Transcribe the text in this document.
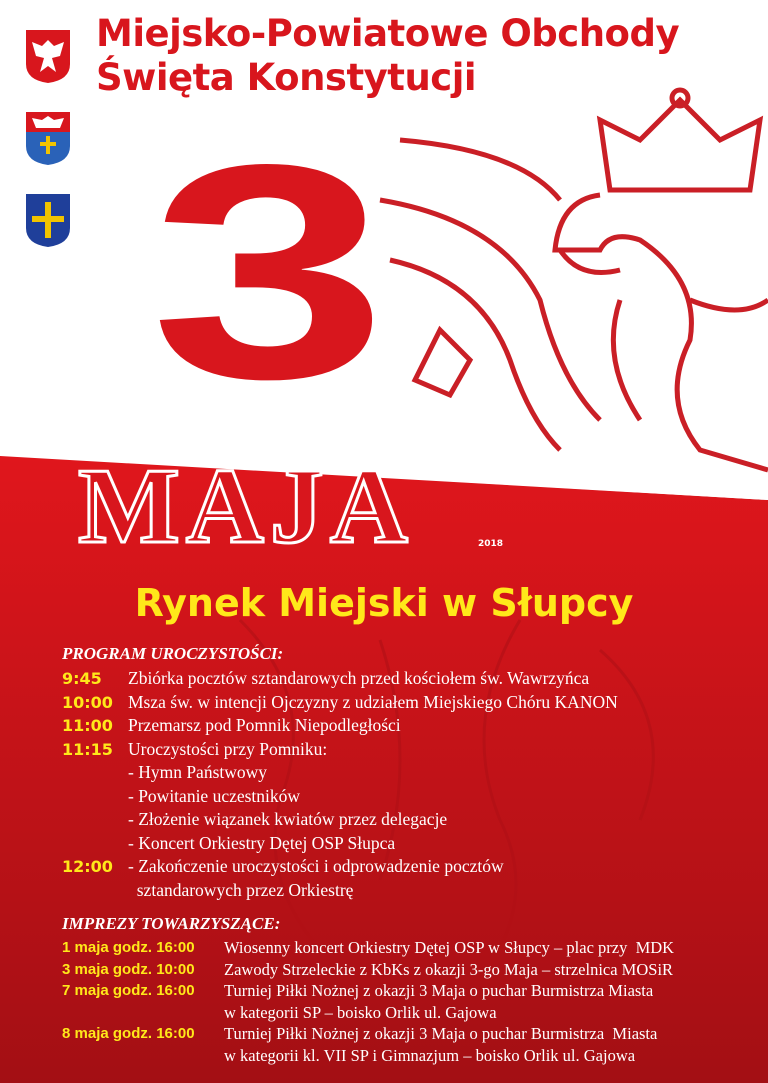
Miejsko-Powiatowe Obchody
Święta Konstytucji
3
MAJA	2018
Rynek Miejski w Słupcy
PROGRAM UROCZYSTOŚCI:
9:45	Zbiórka pocztów sztandarowych przed kościołem św. Wawrzyńca
10:00 Msza św. w intencji Ojczyzny z udziałem Miejskiego Chóru KANON
11:00 Przemarsz pod Pomnik Niepodległości
11:15 Uroczystości przy Pomniku:
- Hymn Państwowy
- Powitanie uczestników
- Złożenie wiązanek kwiatów przez delegacje
- Koncert Orkiestry Dętej OSP Słupca
12:00 - Zakończenie uroczystości i odprowadzenie pocztów
sztandarowych przez Orkiestrę
IMPREZY TOWARZYSZĄCE:
1 maja godz. 16:00	Wiosenny koncert Orkiestry Dętej OSP w Słupcy – plac przy  MDK
3 maja godz. 10:00	Zawody Strzeleckie z KbKs z okazji 3-go Maja – strzelnica MOSiR
7 maja godz. 16:00	Turniej Piłki Nożnej z okazji 3 Maja o puchar Burmistrza Miasta
w kategorii SP – boisko Orlik ul. Gajowa
8 maja godz. 16:00	Turniej Piłki Nożnej z okazji 3 Maja o puchar Burmistrza  Miasta
w kategorii kl. VII SP i Gimnazjum – boisko Orlik ul. Gajowa
